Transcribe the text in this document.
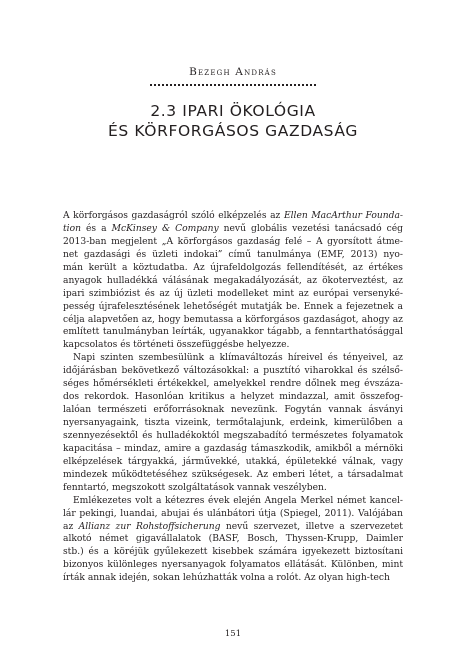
Bezegh András
2.3 IPARI ÖKOLÓGIA
ÉS KÖRFORGÁSOS GAZDASÁG
A körforgásos gazdaságról szóló elképzelés az Ellen MacArthur Founda-
tion és a McKinsey & Company nevű globális vezetési tanácsadó cég
2013-ban megjelent „A körforgásos gazdaság felé – A gyorsított átme-
net gazdasági és üzleti indokai” című tanulmánya (EMF, 2013) nyo-
mán került a köztudatba. Az újrafeldolgozás fellendítését, az értékes
anyagok hulladékká válásának megakadályozását, az ökoterveztést, az
ipari szimbiózist és az új üzleti modelleket mint az európai versenyké-
pesség újrafelesztésének lehetőségét mutatják be. Ennek a fejezetnek a
célja alapvetően az, hogy bemutassa a körforgásos gazdaságot, ahogy az
említett tanulmányban leírták, ugyanakkor tágabb, a fenntarthatósággal
kapcsolatos és történeti összefüggésbe helyezze.
Napi szinten szembesülünk a klímaváltozás híreivel és tényeivel, az
időjárásban bekövetkező változásokkal: a pusztító viharokkal és szélső-
séges hőmérsékleti értékekkel, amelyekkel rendre dőlnek meg évszáza-
dos rekordok. Hasonlóan kritikus a helyzet mindazzal, amit összefog-
lalóan természeti erőforrásoknak nevezünk. Fogytán vannak ásványi
nyersanyagaink, tiszta vizeink, termőtalajunk, erdeink, kimerülőben a
szennyezésektől és hulladékoktól megszabadító természetes folyamatok
kapacitása – mindaz, amire a gazdaság támaszkodik, amikből a mérnöki
elképzelések tárgyakká, járművekké, utakká, épületekké válnak, vagy
mindezek működtetéséhez szükségesek. Az emberi létet, a társadalmat
fenntartó, megszokott szolgáltatások vannak veszélyben.
Emlékezetes volt a kétezres évek elején Angela Merkel német kancel-
lár pekingi, luandai, abujai és ulánbátori útja (Spiegel, 2011). Valójában
az Allianz zur Rohstoffsicherung nevű szervezet, illetve a szervezetet
alkotó német gigavállalatok (BASF, Bosch, Thyssen-Krupp, Daimler
stb.) és a köréjük gyűlekezett kisebbek számára igyekezett biztosítani
bizonyos különleges nyersanyagok folyamatos ellátását. Különben, mint
írták annak idején, sokan lehúzhatták volna a rolót. Az olyan high-tech
151
